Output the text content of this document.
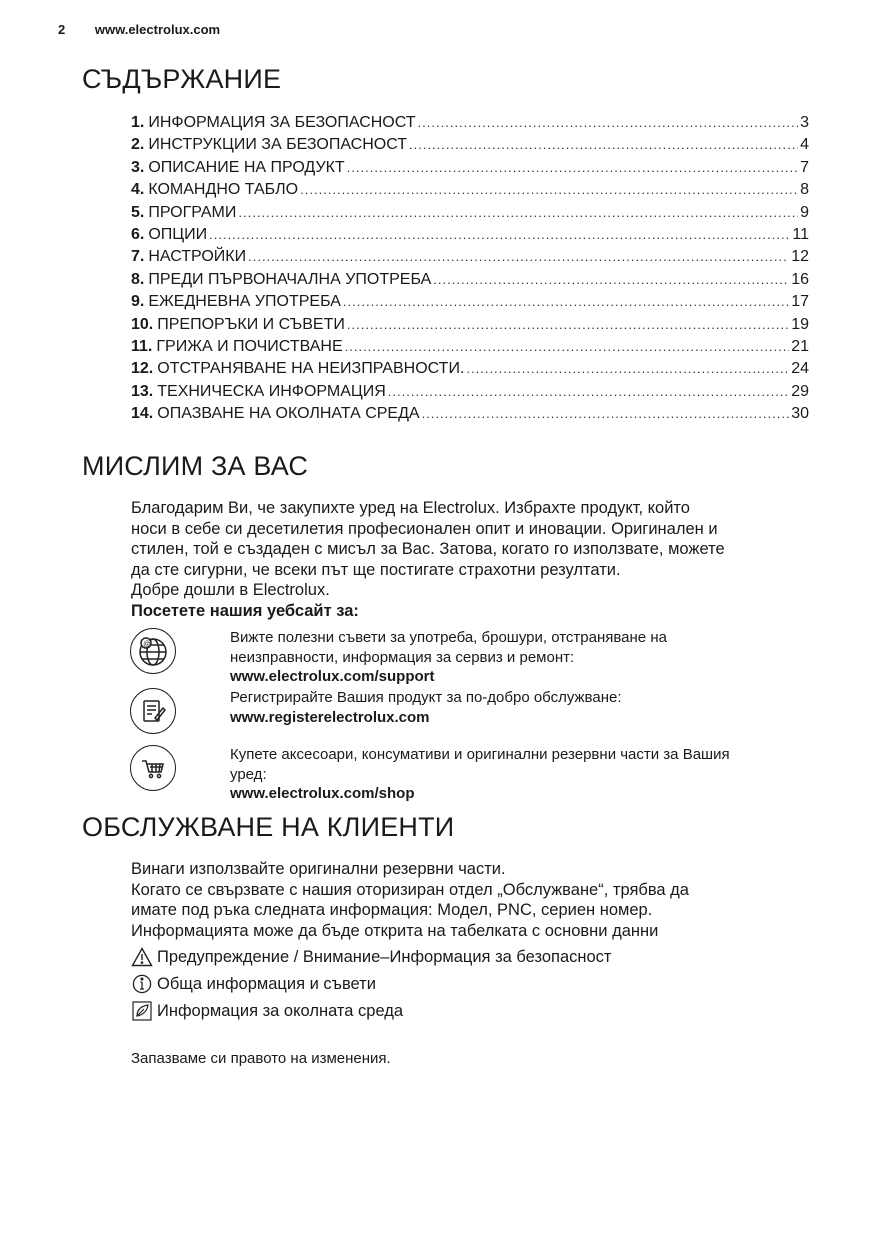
2 www.electrolux.com
СЪДЪРЖАНИЕ
1. ИНФОРМАЦИЯ ЗА БЕЗОПАСНОСТ .....	3
2. ИНСТРУКЦИИ ЗА БЕЗОПАСНОСТ .....	4
3. ОПИСАНИЕ НА ПРОДУКТ .....	7
4. КОМАНДНО ТАБЛО .....	8
5. ПРОГРАМИ .....	9
6. ОПЦИИ .....	11
7. НАСТРОЙКИ .....	12
8. ПРЕДИ ПЪРВОНАЧАЛНА УПОТРЕБА .....	16
9. ЕЖЕДНЕВНА УПОТРЕБА .....	17
10. ПРЕПОРЪКИ И СЪВЕТИ .....	19
11. ГРИЖА И ПОЧИСТВАНЕ .....	21
12. ОТСТРАНЯВАНЕ НА НЕИЗПРАВНОСТИ. .....	24
13. ТЕХНИЧЕСКА ИНФОРМАЦИЯ .....	29
14. ОПАЗВАНЕ НА ОКОЛНАТА СРЕДА .....	30
МИСЛИМ ЗА ВАС

Благодарим Ви, че закупихте уред на Electrolux. Избрахте продукт, който

носи в себе си десетилетия професионален опит и иновации. Оригинален и

стилен, той е създаден с мисъл за Вас. Затова, когато го използвате, можете

да сте сигурни, че всеки път ще постигате страхотни резултати.

Добре дошли в Electrolux.

Посетете нашия уебсайт за:

@	Вижте полезни съвети за употреба, брошури, отстраняване на
неизправности, информация за сервиз и ремонт:
www.electrolux.com/support
Регистрирайте Вашия продукт за по-добро обслужване:
www.registerelectrolux.com
Купете аксесоари, консумативи и оригинални резервни части за Вашия
уред:
www.electrolux.com/shop
ОБСЛУЖВАНЕ НА КЛИЕНТИ

Винаги използвайте оригинални резервни части.

Когато се свързвате с нашия оторизиран отдел „Обслужване“, трябва да

имате под ръка следната информация: Модел, PNC, сериен номер.

Информацията може да бъде открита на табелката с основни данни

Предупреждение / Внимание–Информация за безопасност
Обща информация и съвети
Информация за околната среда
Запазваме си правото на изменения.
